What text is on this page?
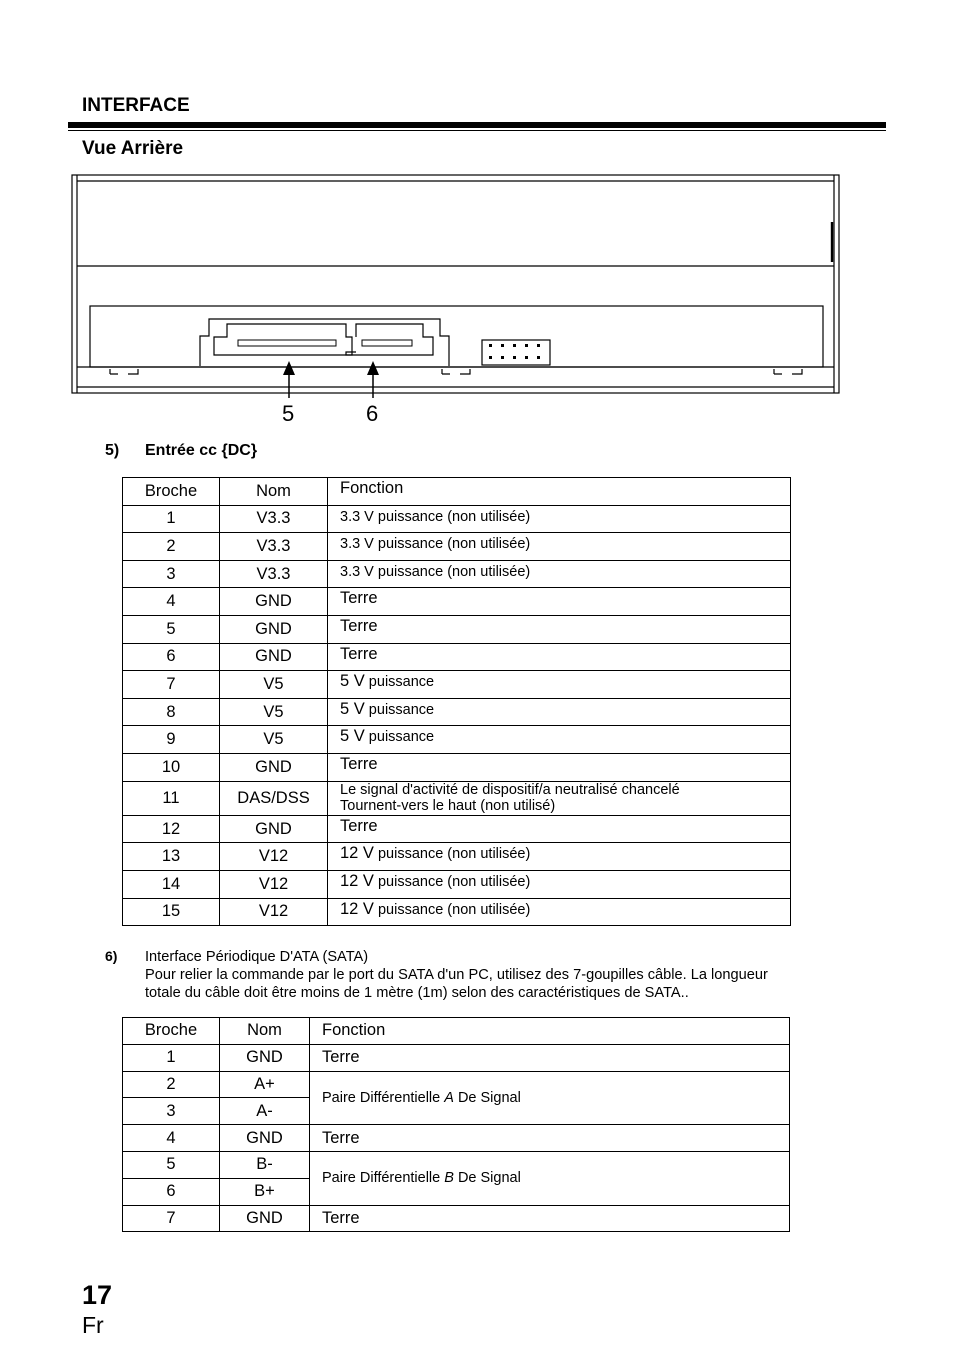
INTERFACE
Vue Arrière
5	6
5) Entrée cc {DC}
Broche	Nom	Fonction
1	V3.3	3.3 V puissance (non utilisée)
2	V3.3	3.3 V puissance (non utilisée)
3	V3.3	3.3 V puissance (non utilisée)
4	GND	Terre
5	GND	Terre
6	GND	Terre
7	V5	5 V puissance
8	V5	5 V puissance
9	V5	5 V puissance
10	GND	Terre
11	DAS/DSS	Le signal d'activité de dispositif/a neutralisé chancelé
Tournent-vers le haut (non utilisé)

12	GND	Terre
13	V12	12 V puissance (non utilisée)
14	V12	12 V puissance (non utilisée)
15	V12	12 V puissance (non utilisée)
6) Interface Périodique D'ATA (SATA)
Pour relier la commande par le port du SATA d'un PC, utilisez des 7-goupilles câble. La longueur
totale du câble doit être moins de 1 mètre (1m) selon des caractéristiques de SATA..
Broche	Nom	Fonction
1	GND	Terre
2	A+	Paire Différentielle A De Signal
3	A-	
4	GND	Terre
5	B-	Paire Différentielle B De Signal
6	B+	
7	GND	Terre
17
Fr
